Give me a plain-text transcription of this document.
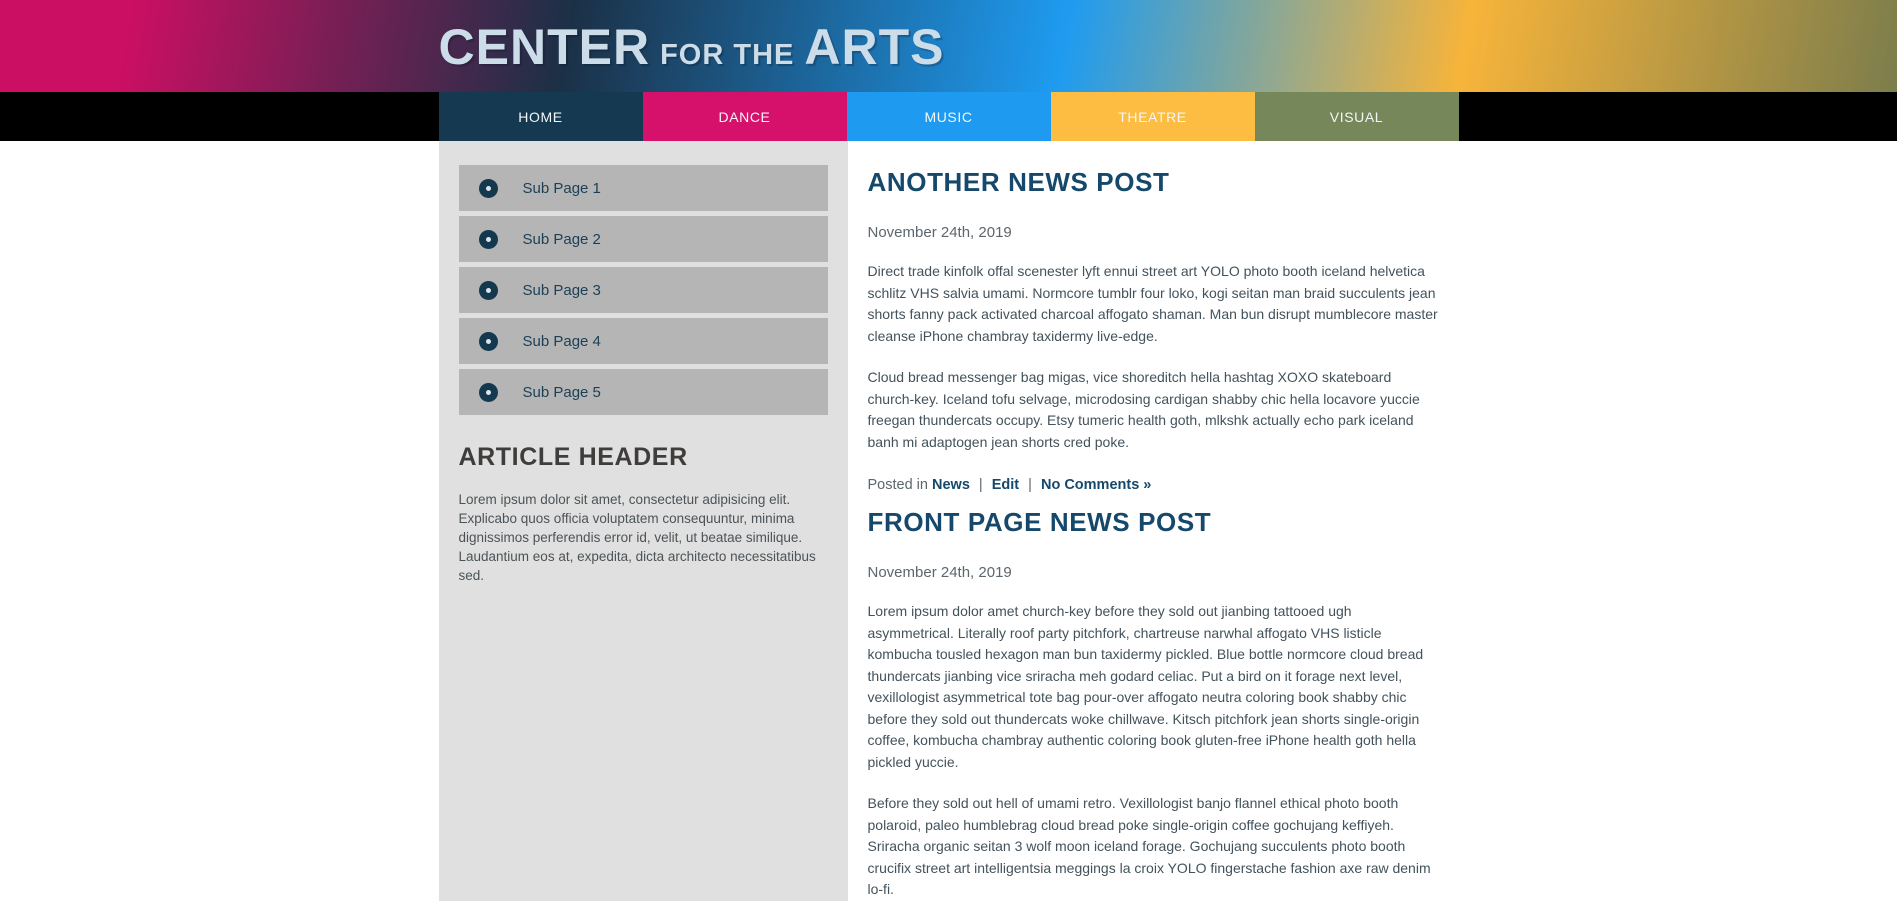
CENTER FOR THE ARTS
HOME	DANCE	MUSIC	THEATRE	VISUAL
Sub Page 1
Sub Page 2
Sub Page 3
Sub Page 4
Sub Page 5
ARTICLE HEADER

Lorem ipsum dolor sit amet, consectetur adipisicing elit. Explicabo quos officia voluptatem consequuntur, minima dignissimos perferendis error id, velit, ut beatae similique. Laudantium eos at, expedita, dicta architecto necessitatibus sed.

ANOTHER NEWS POST

November 24th, 2019

Direct trade kinfolk offal scenester lyft ennui street art YOLO photo booth iceland helvetica schlitz VHS salvia umami. Normcore tumblr four loko, kogi seitan man braid succulents jean shorts fanny pack activated charcoal affogato shaman. Man bun disrupt mumblecore master cleanse iPhone chambray taxidermy live-edge.

Cloud bread messenger bag migas, vice shoreditch hella hashtag XOXO skateboard church-key. Iceland tofu selvage, microdosing cardigan shabby chic hella locavore yuccie freegan thundercats occupy. Etsy tumeric health goth, mlkshk actually echo park iceland banh mi adaptogen jean shorts cred poke.

Posted in News | Edit | No Comments »

FRONT PAGE NEWS POST

November 24th, 2019

Lorem ipsum dolor amet church-key before they sold out jianbing tattooed ugh asymmetrical. Literally roof party pitchfork, chartreuse narwhal affogato VHS listicle kombucha tousled hexagon man bun taxidermy pickled. Blue bottle normcore cloud bread thundercats jianbing vice sriracha meh godard celiac. Put a bird on it forage next level, vexillologist asymmetrical tote bag pour-over affogato neutra coloring book shabby chic before they sold out thundercats woke chillwave. Kitsch pitchfork jean shorts single-origin coffee, kombucha chambray authentic coloring book gluten-free iPhone health goth hella pickled yuccie.

Before they sold out hell of umami retro. Vexillologist banjo flannel ethical photo booth polaroid, paleo humblebrag cloud bread poke single-origin coffee gochujang keffiyeh. Sriracha organic seitan 3 wolf moon iceland forage. Gochujang succulents photo booth crucifix street art intelligentsia meggings la croix YOLO fingerstache fashion axe raw denim lo-fi.
